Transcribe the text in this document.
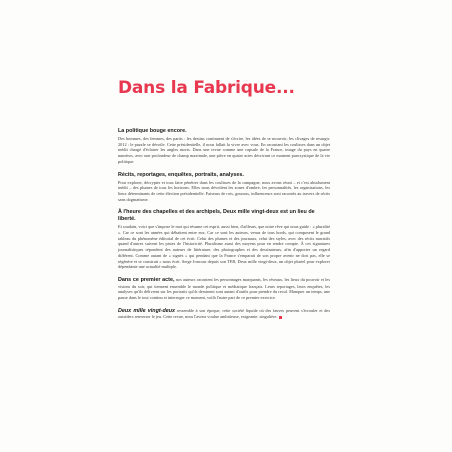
Dans la Fabrique...

La politique bouge encore.

Des hommes, des femmes, des partis : les destins continuent de s'écrire, les idées de se mouvoir, les clivages de resurgir. 2012 : le puzzle se dévoile. Cette présidentielle, il nous fallait la vivre avec vous. En racontant les coulisses dans un objet inédit chargé d'éclairer les angles morts. Dans une revue comme une capsule de la France, image du pays en quatre numéros, avec une profondeur de champ maximale, une pièce en quatre actes décrivant ce moment paroxystique de la vie politique.

Récits, reportages, enquêtes, portraits, analyses.

Pour explorer, décrypter et tous faire pénétrer dans les coulisses de la campagne, nous avons réuni – et c'est absolument inédit – des plumes de tous les horizons. Elles nous dévoilent les zones d'ombre, les personnalités, les organisations, les lieux déterminants de cette élection présidentielle. Faiseurs de rois, gourous, influenceurs sont racontés au travers de récits sans dogmatisme.

À l'heure des chapelles et des archipels, Deux mille vingt-deux est un lieu de liberté.

Et soudain, voici que s'impose le mot qui résume cet esprit, aussi bien, d'ailleurs, que notre rêve qui nous guide : « pluralité ». Car ce sont les années qui débattent entre eux. Car ce sont les auteurs, venus de tous bords, qui composent le grand tableau du phénomène éditorial de cet écrit. Celui des plumes et des journaux, celui des styles, avec des récits narratifs quand d'autres suivent les pistes de l'historicité. Pluralisme aussi des moyens pour en rendre compte. À ces signatures journalistiques répondent des auteurs de littérature, des photographes et des dessinateurs, afin d'apporter un regard différent. Comme autant de « signés » qui pendant que la France s'emparait de son propre avenir ne dort pas, elle se régénère et se construit « nous écrit. Serge Joncour depuis son TER, Deux mille vingt-deux, un objet pluriel pour explorer dépendante une actualité multiple.

Dans ce premier acte, nos auteurs racontent les personnages marquants, les réseaux, les lieux du pouvoir et les visions du soir, qui tiennent ensemble le monde politique et médiatique français. Leurs reportages, leurs enquêtes, les analyses qu'ils délivrent sur les portraits qu'ils dessinent sont autant d'outils pour prendre du recul. Manquer un temps, une pause dans le tout continu et interroger ce moment, voilà l'autre pari de ce premier exercice.

Deux mille vingt-deux ressemble à son époque, cette société liquide où des fauves peuvent s'écrouler et des outsiders renverser le jeu. Cette revue, nous l'avons voulue ambitieuse, exigeante, singulière.
